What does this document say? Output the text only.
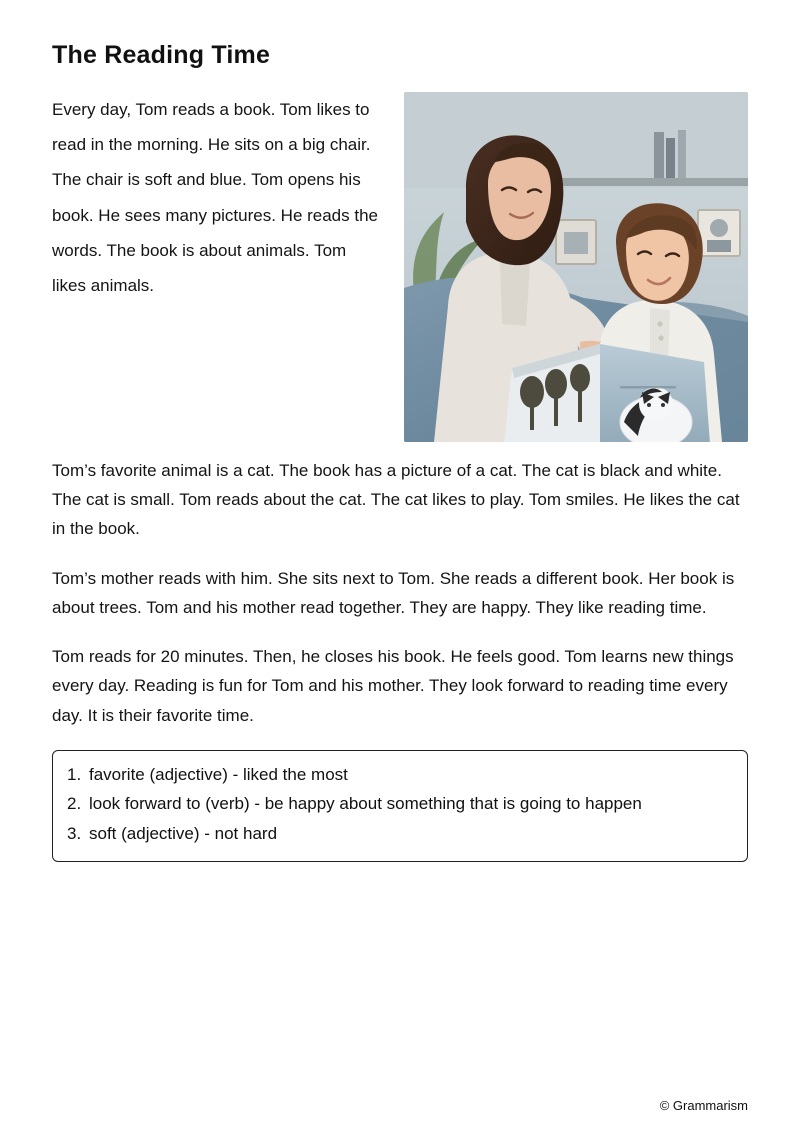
The Reading Time

Every day, Tom reads a book. Tom likes to read in the morning. He sits on a big chair. The chair is soft and blue. Tom opens his book. He sees many pictures. He reads the words. The book is about animals. Tom likes animals.

Tom’s favorite animal is a cat. The book has a picture of a cat. The cat is black and white. The cat is small. Tom reads about the cat. The cat likes to play. Tom smiles. He likes the cat in the book.

Tom’s mother reads with him. She sits next to Tom. She reads a different book. Her book is about trees. Tom and his mother read together. They are happy. They like reading time.

Tom reads for 20 minutes. Then, he closes his book. He feels good. Tom learns new things every day. Reading is fun for Tom and his mother. They look forward to reading time every day. It is their favorite time.

1. favorite (adjective) - liked the most
2. look forward to (verb) - be happy about something that is going to happen
3. soft (adjective) - not hard
© Grammarism
